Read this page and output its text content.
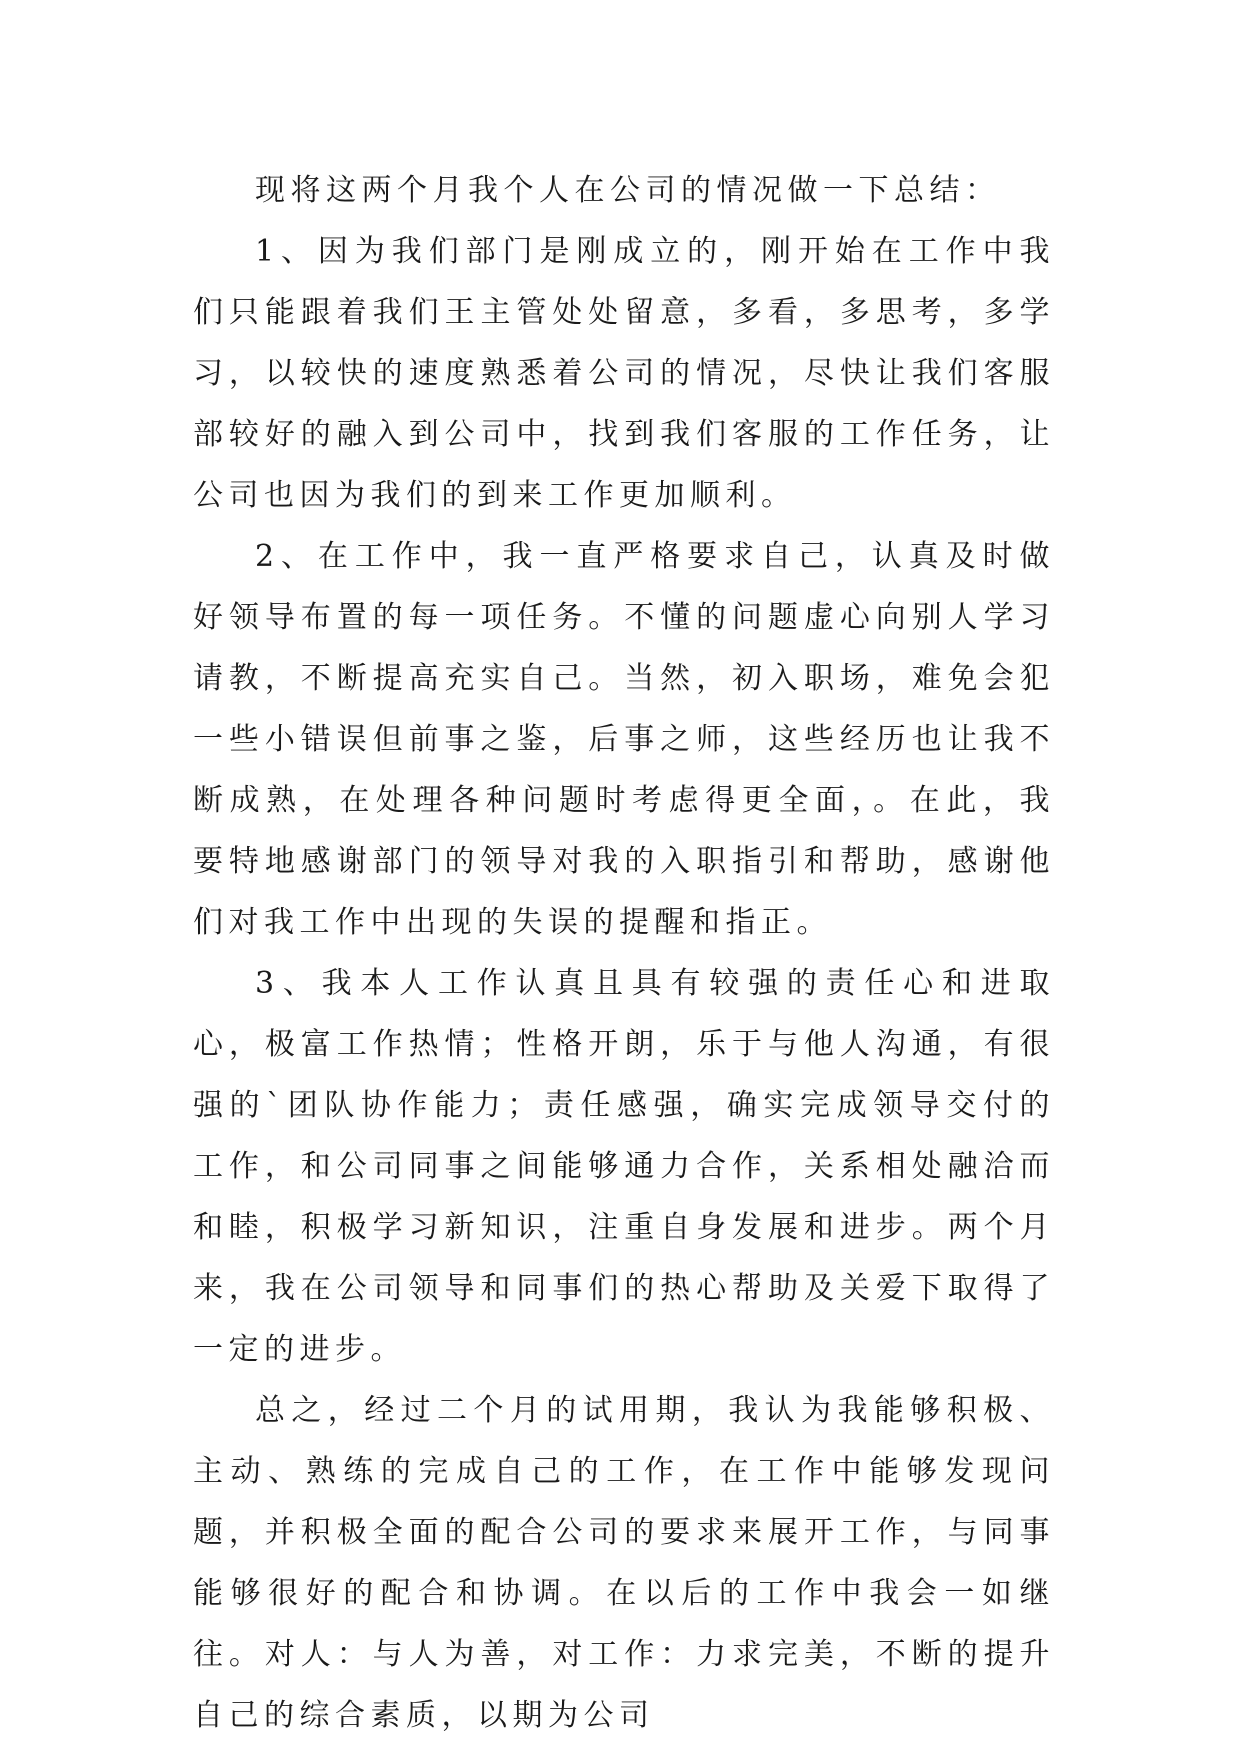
现将这两个月我个人在公司的情况做一下总结：

1、因为我们部门是刚成立的，刚开始在工作中我们只能跟着我们王主管处处留意，多看，多思考，多学习，以较快的速度熟悉着公司的情况，尽快让我们客服部较好的融入到公司中，找到我们客服的工作任务，让公司也因为我们的到来工作更加顺利。

2、在工作中，我一直严格要求自己，认真及时做好领导布置的每一项任务。不懂的问题虚心向别人学习请教，不断提高充实自己。当然，初入职场，难免会犯一些小错误但前事之鉴，后事之师，这些经历也让我不断成熟，在处理各种问题时考虑得更全面，。在此，我要特地感谢部门的领导对我的入职指引和帮助，感谢他们对我工作中出现的失误的提醒和指正。

3、我本人工作认真且具有较强的责任心和进取心，极富工作热情；性格开朗，乐于与他人沟通，有很强的`团队协作能力；责任感强，确实完成领导交付的工作，和公司同事之间能够通力合作，关系相处融洽而和睦，积极学习新知识，注重自身发展和进步。两个月来，我在公司领导和同事们的热心帮助及关爱下取得了一定的进步。

总之，经过二个月的试用期，我认为我能够积极、主动、熟练的完成自己的工作，在工作中能够发现问题，并积极全面的配合公司的要求来展开工作，与同事能够很好的配合和协调。在以后的工作中我会一如继往。对人：与人为善，对工作：力求完美，不断的提升自己的综合素质，以期为公司
